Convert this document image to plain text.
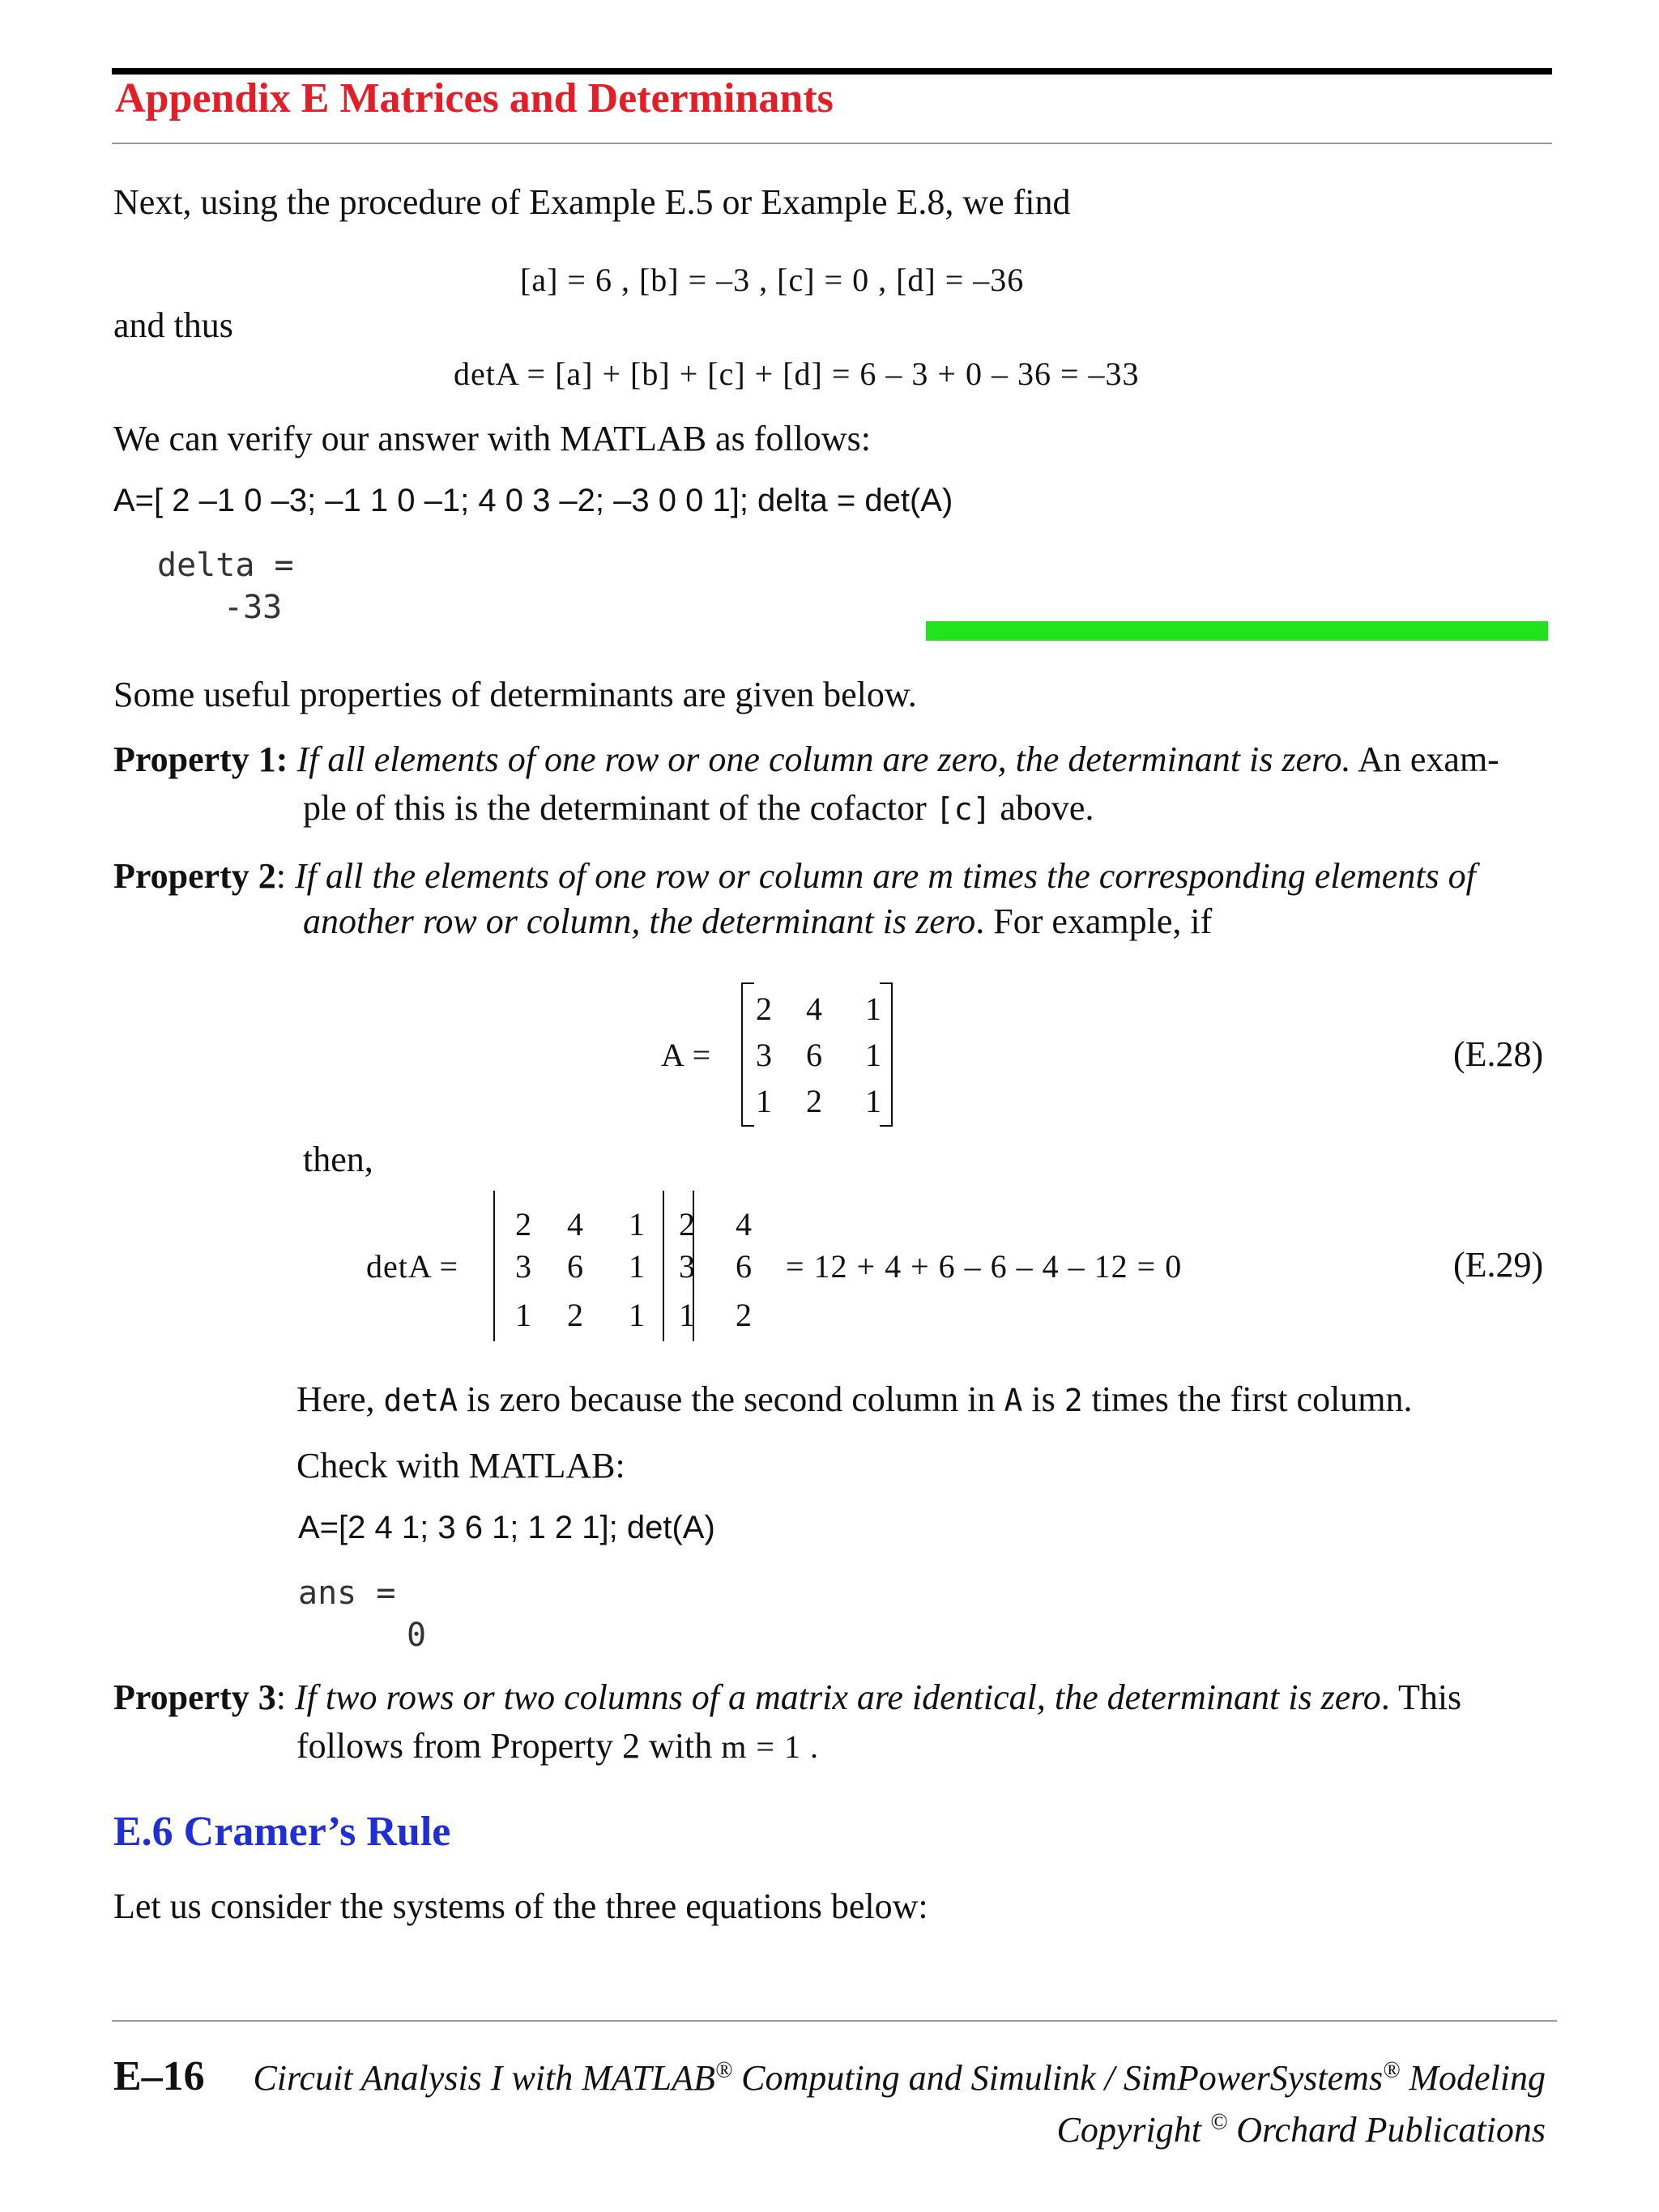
Appendix E Matrices and Determinants
Next, using the procedure of Example E.5 or Example E.8, we find
[a] = 6 , [b] = –3 , [c] = 0 , [d] = –36
and thus
detA = [a] + [b] + [c] + [d] = 6 – 3 + 0 – 36 = –33
We can verify our answer with MATLAB as follows:
A=[ 2 –1 0 –3; –1 1 0 –1; 4 0 3 –2; –3 0 0 1]; delta = det(A)
delta =
-33
Some useful properties of determinants are given below.
Property 1: If all elements of one row or one column are zero, the determinant is zero. An exam-
ple of this is the determinant of the cofactor [c] above.
Property 2: If all the elements of one row or column are m times the corresponding elements of
another row or column, the determinant is zero. For example, if
A =
2 4 1
3 6 1
1 2 1
(E.28)
then,
detA =
2 4 1 2 4
3 6 1 3 6
1 2 1 1 2
= 12 + 4 + 6 – 6 – 4 – 12 = 0	(E.29)
Here, detA is zero because the second column in A is 2 times the first column.
Check with MATLAB:
A=[2 4 1; 3 6 1; 1 2 1]; det(A)
ans =
0
Property 3: If two rows or two columns of a matrix are identical, the determinant is zero. This
follows from Property 2 with m = 1 .
E.6 Cramer’s Rule
Let us consider the systems of the three equations below:
E–16 Circuit Analysis I with MATLAB® Computing and Simulink / SimPowerSystems® Modeling
Copyright © Orchard Publications
